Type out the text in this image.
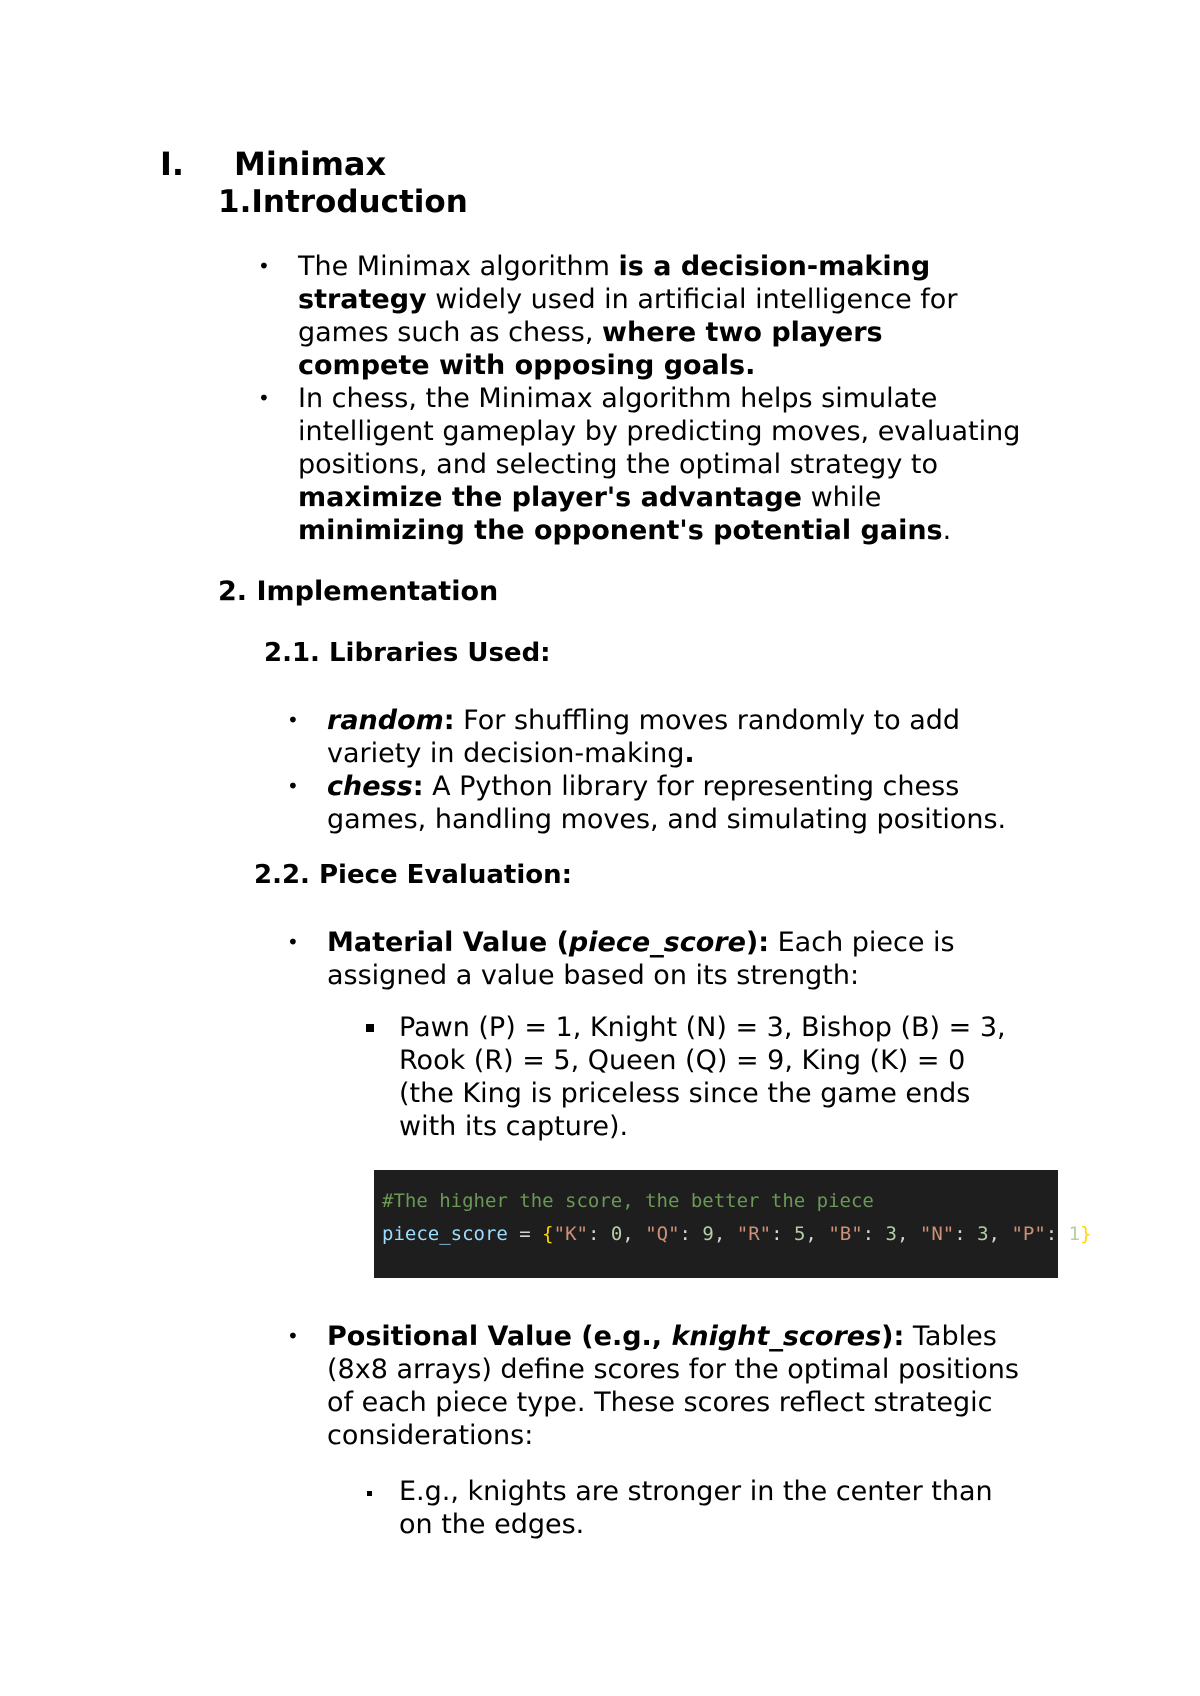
I. Minimax
1.Introduction
• The Minimax algorithm is a decision-making
strategy widely used in artificial intelligence for
games such as chess, where two players
compete with opposing goals.
• In chess, the Minimax algorithm helps simulate
intelligent gameplay by predicting moves, evaluating
positions, and selecting the optimal strategy to
maximize the player's advantage while
minimizing the opponent's potential gains.
2. Implementation
2.1. Libraries Used:
• random: For shuffling moves randomly to add
variety in decision-making.
• chess: A Python library for representing chess
games, handling moves, and simulating positions.
2.2. Piece Evaluation:
• Material Value (piece_score): Each piece is
assigned a value based on its strength:
Pawn (P) = 1, Knight (N) = 3, Bishop (B) = 3,
Rook (R) = 5, Queen (Q) = 9, King (K) = 0
(the King is priceless since the game ends
with its capture).
#The higher the score, the better the piece
piece_score = {"K": 0, "Q": 9, "R": 5, "B": 3, "N": 3, "P": 1}
• Positional Value (e.g., knight_scores): Tables
(8x8 arrays) define scores for the optimal positions
of each piece type. These scores reflect strategic
considerations:
E.g., knights are stronger in the center than
on the edges.
